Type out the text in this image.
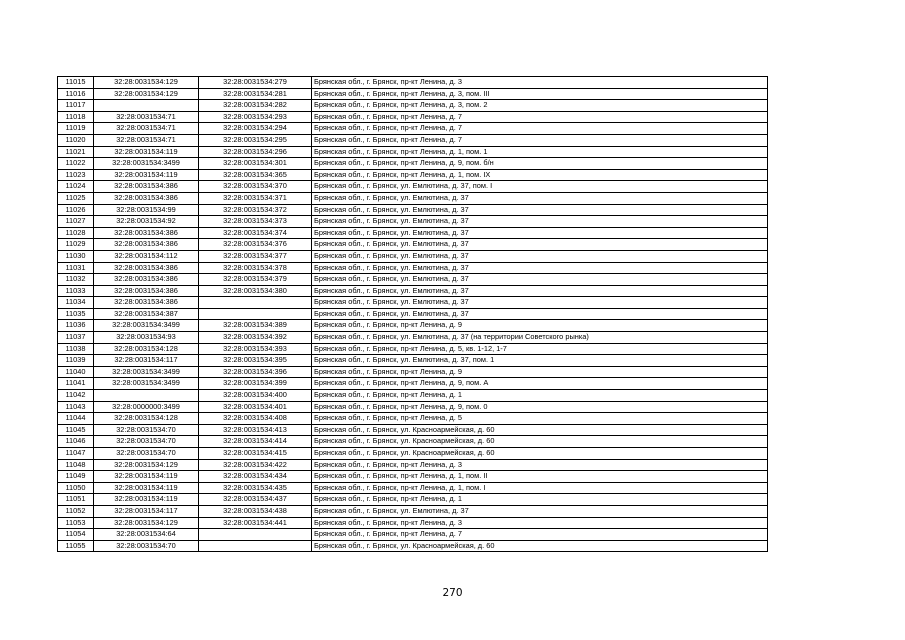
11015	32:28:0031534:129	32:28:0031534:279	Брянская обл., г. Брянск, пр-кт Ленина, д. 3
11016	32:28:0031534:129	32:28:0031534:281	Брянская обл., г. Брянск, пр-кт Ленина, д. 3, пом. III
11017		32:28:0031534:282	Брянская обл., г. Брянск, пр-кт Ленина, д. 3, пом. 2
11018	32:28:0031534:71	32:28:0031534:293	Брянская обл., г. Брянск, пр-кт Ленина, д. 7
11019	32:28:0031534:71	32:28:0031534:294	Брянская обл., г. Брянск, пр-кт Ленина, д. 7
11020	32:28:0031534:71	32:28:0031534:295	Брянская обл., г. Брянск, пр-кт Ленина, д. 7
11021	32:28:0031534:119	32:28:0031534:296	Брянская обл., г. Брянск, пр-кт Ленина, д. 1, пом. 1
11022	32:28:0031534:3499	32:28:0031534:301	Брянская обл., г. Брянск, пр-кт Ленина, д. 9, пом. б/н
11023	32:28:0031534:119	32:28:0031534:365	Брянская обл., г. Брянск, пр-кт Ленина, д. 1, пом. IX
11024	32:28:0031534:386	32:28:0031534:370	Брянская обл., г. Брянск, ул. Емлютина, д. 37, пом. I
11025	32:28:0031534:386	32:28:0031534:371	Брянская обл., г. Брянск, ул. Емлютина, д. 37
11026	32:28:0031534:99	32:28:0031534:372	Брянская обл., г. Брянск, ул. Емлютина, д. 37
11027	32:28:0031534:92	32:28:0031534:373	Брянская обл., г. Брянск, ул. Емлютина, д. 37
11028	32:28:0031534:386	32:28:0031534:374	Брянская обл., г. Брянск, ул. Емлютина, д. 37
11029	32:28:0031534:386	32:28:0031534:376	Брянская обл., г. Брянск, ул. Емлютина, д. 37
11030	32:28:0031534:112	32:28:0031534:377	Брянская обл., г. Брянск, ул. Емлютина, д. 37
11031	32:28:0031534:386	32:28:0031534:378	Брянская обл., г. Брянск, ул. Емлютина, д. 37
11032	32:28:0031534:386	32:28:0031534:379	Брянская обл., г. Брянск, ул. Емлютина, д. 37
11033	32:28:0031534:386	32:28:0031534:380	Брянская обл., г. Брянск, ул. Емлютина, д. 37
11034	32:28:0031534:386		Брянская обл., г. Брянск, ул. Емлютина, д. 37
11035	32:28:0031534:387		Брянская обл., г. Брянск, ул. Емлютина, д. 37
11036	32:28:0031534:3499	32:28:0031534:389	Брянская обл., г. Брянск, пр-кт Ленина, д. 9
11037	32:28:0031534:93	32:28:0031534:392	Брянская обл., г. Брянск, ул. Емлютина, д. 37 (на территории Советского рынка)
11038	32:28:0031534:128	32:28:0031534:393	Брянская обл., г. Брянск, пр-кт Ленина, д. 5, кв. 1-12, 1-7
11039	32:28:0031534:117	32:28:0031534:395	Брянская обл., г. Брянск, ул. Емлютина, д. 37, пом. 1
11040	32:28:0031534:3499	32:28:0031534:396	Брянская обл., г. Брянск, пр-кт Ленина, д. 9
11041	32:28:0031534:3499	32:28:0031534:399	Брянская обл., г. Брянск, пр-кт Ленина, д. 9, пом. А
11042		32:28:0031534:400	Брянская обл., г. Брянск, пр-кт Ленина, д. 1
11043	32:28:0000000:3499	32:28:0031534:401	Брянская обл., г. Брянск, пр-кт Ленина, д. 9, пом. 0
11044	32:28:0031534:128	32:28:0031534:408	Брянская обл., г. Брянск, пр-кт Ленина, д. 5
11045	32:28:0031534:70	32:28:0031534:413	Брянская обл., г. Брянск, ул. Красноармейская, д. 60
11046	32:28:0031534:70	32:28:0031534:414	Брянская обл., г. Брянск, ул. Красноармейская, д. 60
11047	32:28:0031534:70	32:28:0031534:415	Брянская обл., г. Брянск, ул. Красноармейская, д. 60
11048	32:28:0031534:129	32:28:0031534:422	Брянская обл., г. Брянск, пр-кт Ленина, д. 3
11049	32:28:0031534:119	32:28:0031534:434	Брянская обл., г. Брянск, пр-кт Ленина, д. 1, пом. II
11050	32:28:0031534:119	32:28:0031534:435	Брянская обл., г. Брянск, пр-кт Ленина, д. 1, пом. I
11051	32:28:0031534:119	32:28:0031534:437	Брянская обл., г. Брянск, пр-кт Ленина, д. 1
11052	32:28:0031534:117	32:28:0031534:438	Брянская обл., г. Брянск, ул. Емлютина, д. 37
11053	32:28:0031534:129	32:28:0031534:441	Брянская обл., г. Брянск, пр-кт Ленина, д. 3
11054	32:28:0031534:64		Брянская обл., г. Брянск, пр-кт Ленина, д. 7
11055	32:28:0031534:70		Брянская обл., г. Брянск, ул. Красноармейская, д. 60
270
